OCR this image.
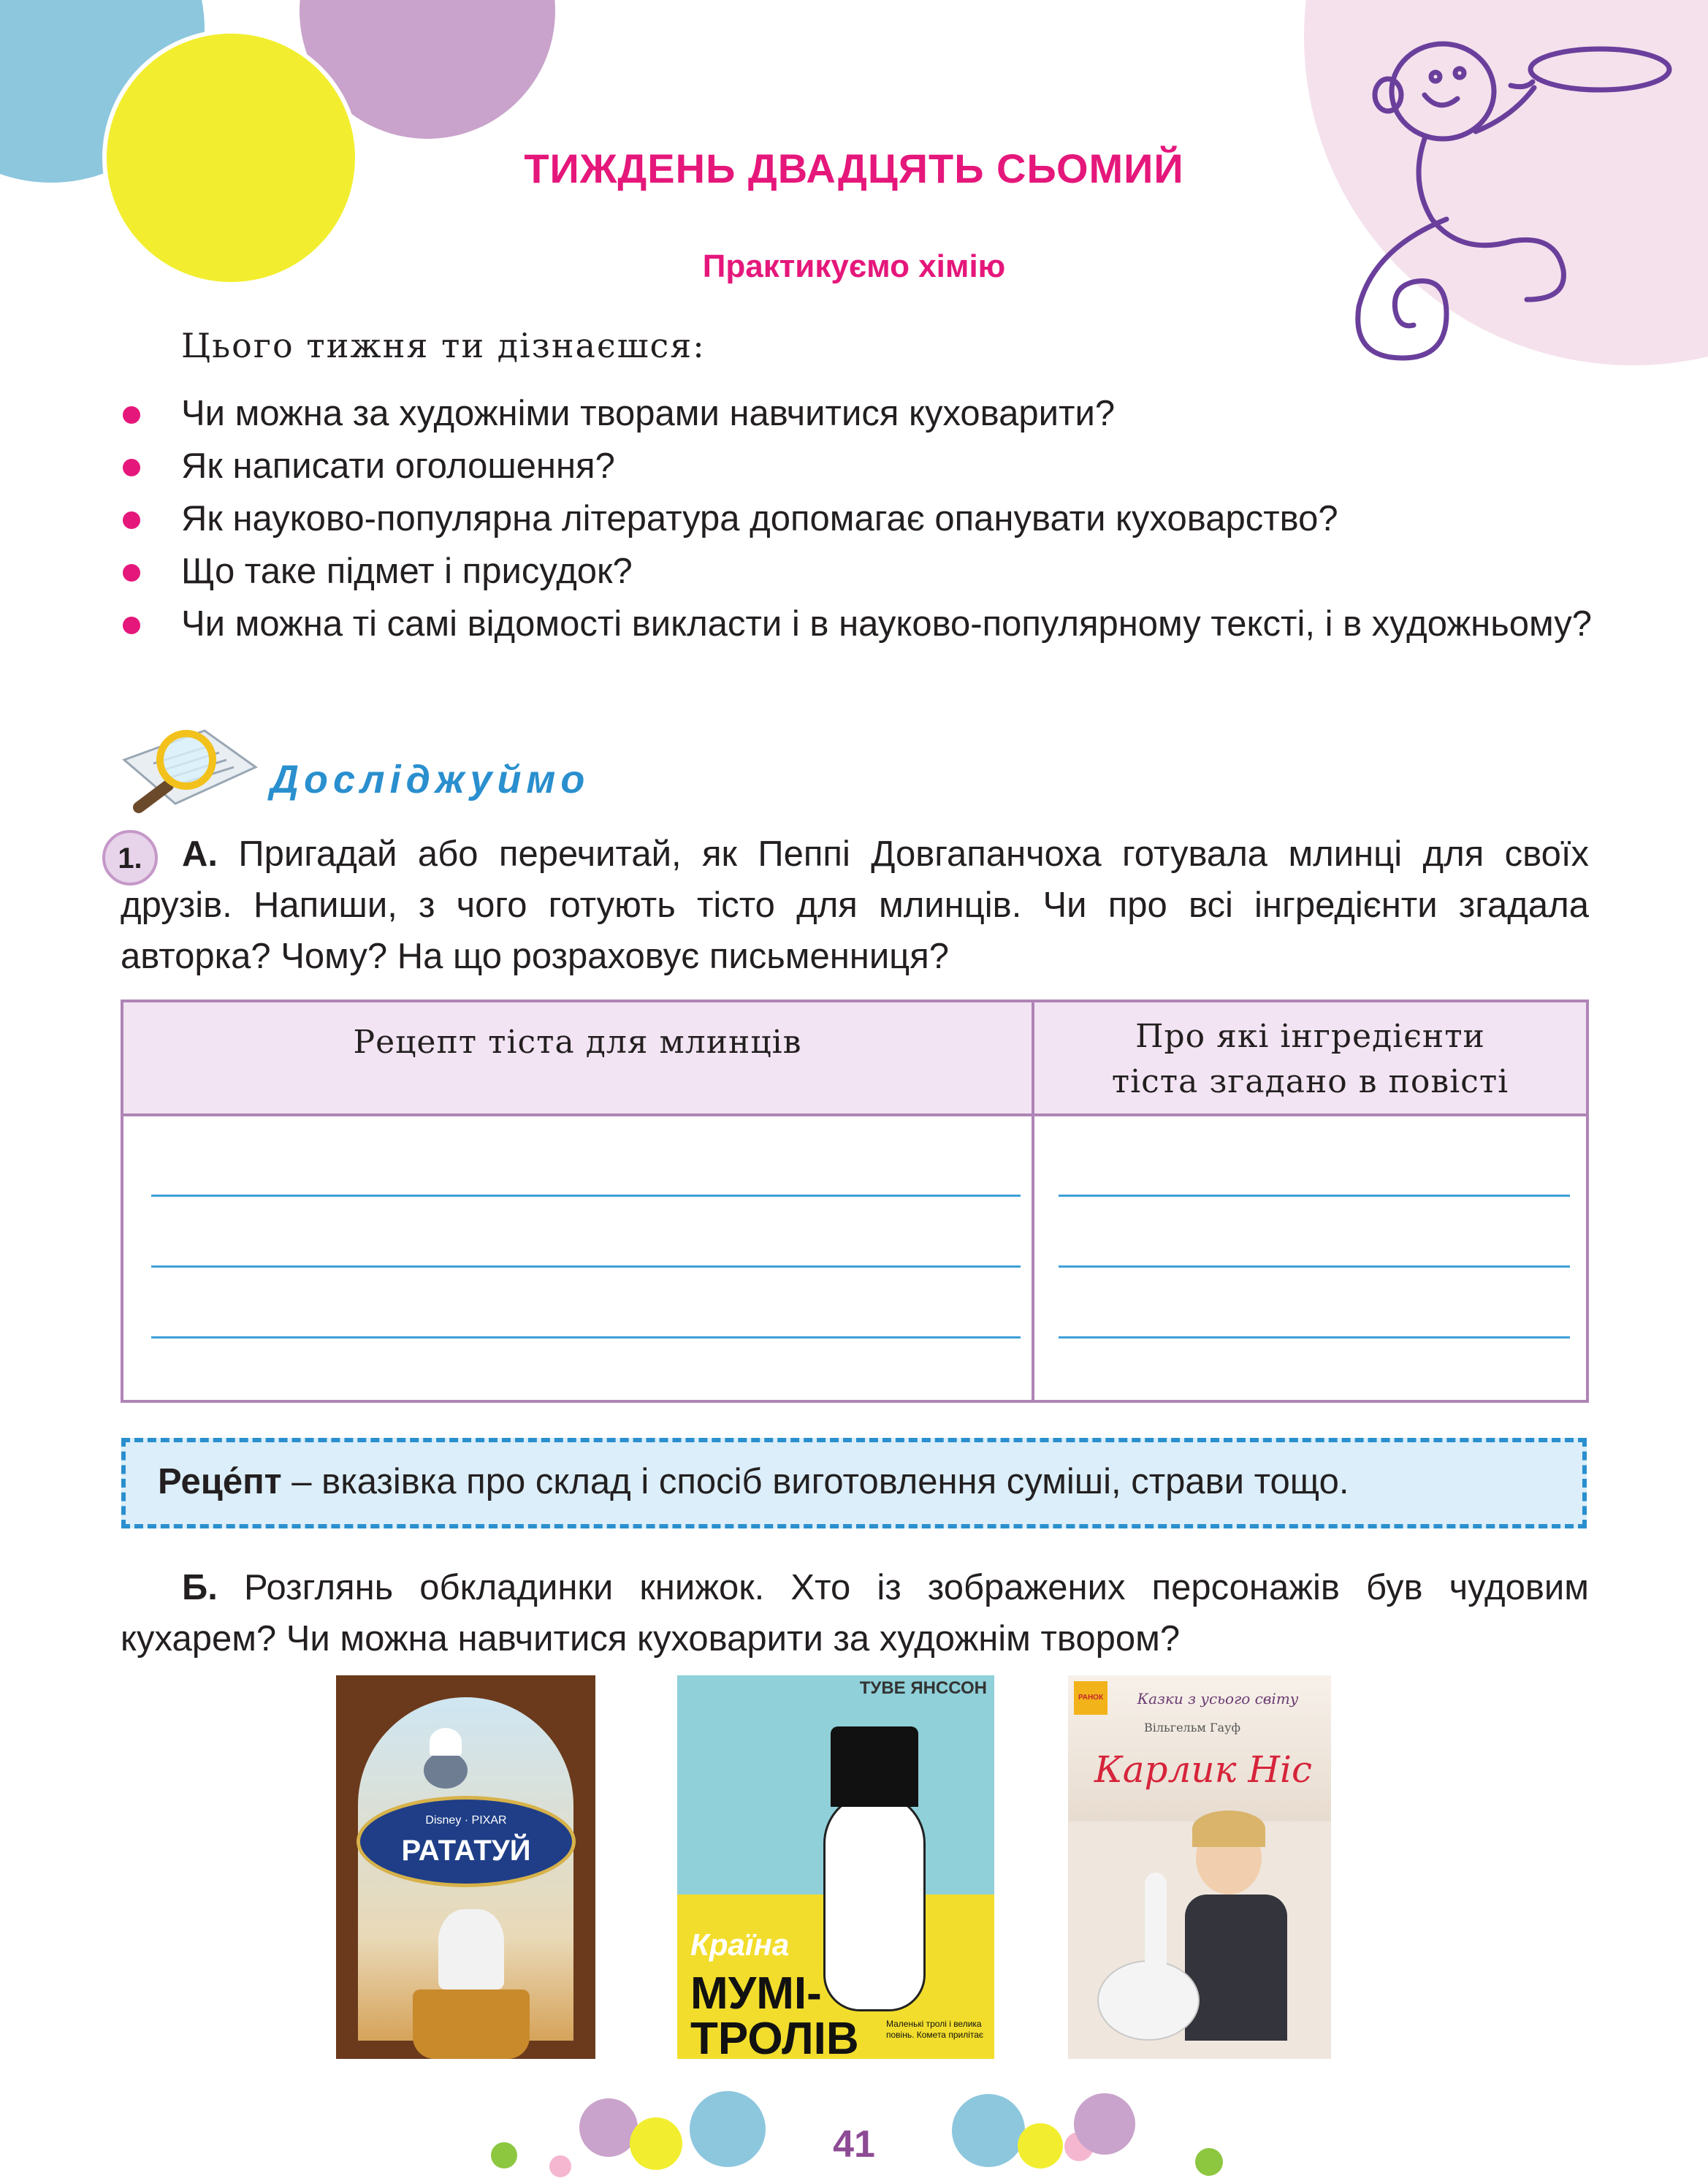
ТИЖДЕНЬ ДВАДЦЯТЬ СЬОМИЙ
Практикуємо хімію
Цього тижня ти дізнаєшся:
Чи можна за художніми творами навчитися куховарити?
Як написати оголошення?
Як науково-популярна література допомагає опанувати куховарство?
Що таке підмет і присудок?
Чи можна ті самі відомості викласти і в науково-популярному тексті, і в художньому?
Досліджуймо
1.	А. Пригадай або перечитай, як Пеппі Довгапанчоха готувала млинці для своїх друзів. Напиши, з чого готують тісто для млинців. Чи про всі інгредієнти згадала авторка? Чому? На що розраховує письменниця?
Рецепт тіста для млинців	Про які інгредієнти
тіста згадано в повісті
Реце́пт – вказівка про склад і спосіб виготовлення суміші, страви тощо.
Б. Розглянь обкладинки книжок. Хто із зображених персонажів був чудовим кухарем? Чи можна навчитися куховарити за художнім твором?
Disney · PIXAR
РАТАТУЙ
ТУВЕ ЯНССОН
Країна
МУМІ-
ТРОЛІВ	Маленькі тролі і велика повінь. Комета прилітає
РАНОК	Казки з усього світу
Вільгельм Гауф
Карлик Ніс
41
